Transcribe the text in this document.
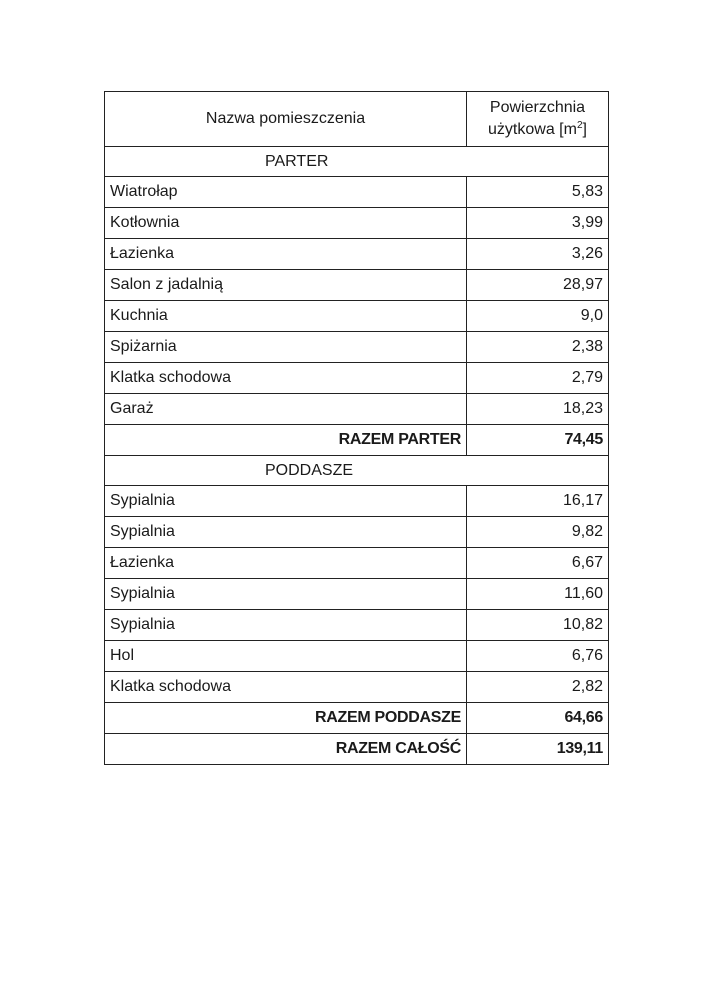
Nazwa pomieszczenia	Powierzchnia
użytkowa $[m^2]$

PARTER	
Wiatrołap	5,83
Kotłownia	3,99
Łazienka	3,26
Salon z jadalnią	28,97
Kuchnia	9,0
Spiżarnia	2,38
Klatka schodowa	2,79
Garaż	18,23
RAZEM PARTER	74,45
PODDASZE	
Sypialnia	16,17
Sypialnia	9,82
Łazienka	6,67
Sypialnia	11,60
Sypialnia	10,82
Hol	6,76
Klatka schodowa	2,82
RAZEM PODDASZE	64,66
RAZEM CAŁOŚĆ	139,11
